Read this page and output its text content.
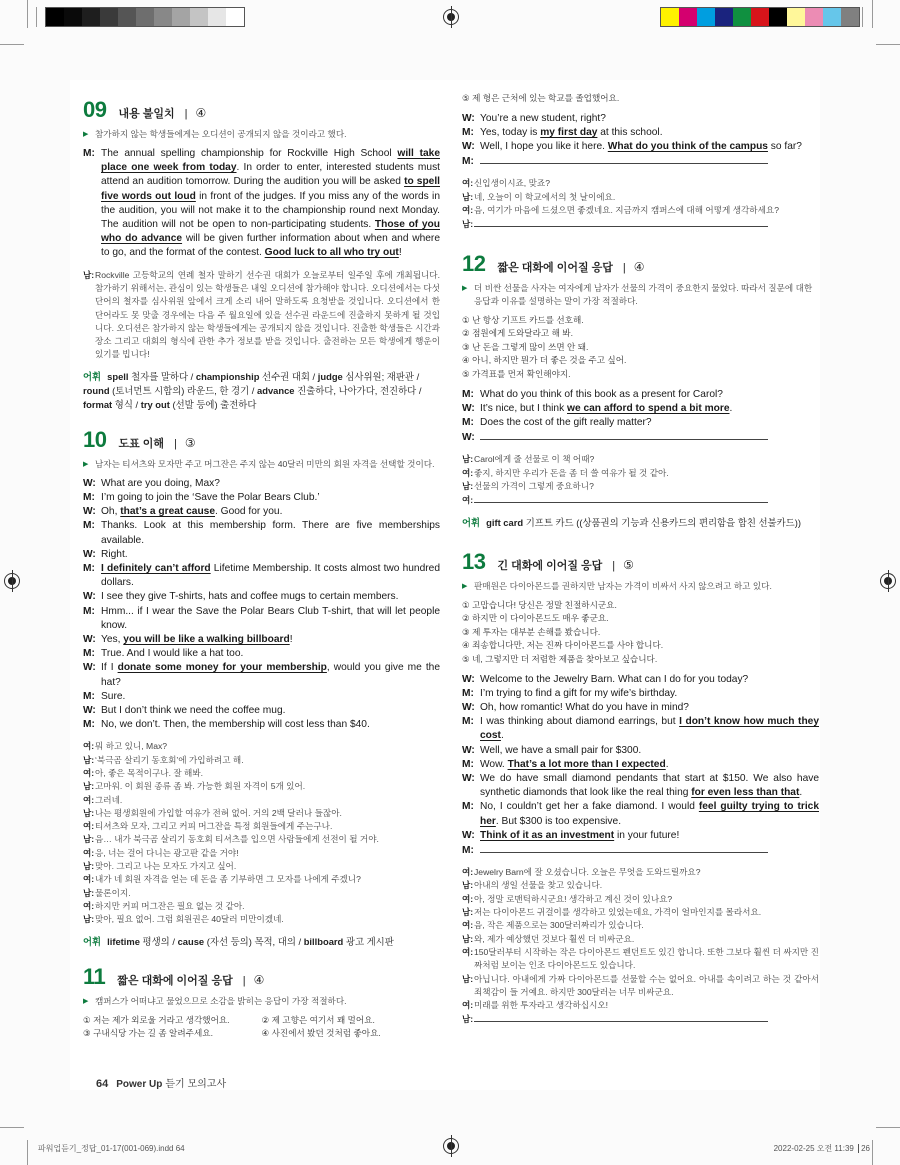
09 내용 불일치 | ④
▶ 참가하지 않는 학생들에게는 오디션이 공개되지 않을 것이라고 했다.
M: The annual spelling championship for Rockville High School will take place one week from today. In order to enter, interested students must attend an audition tomorrow. During the audition you will be asked to spell five words out loud in front of the judges. If you miss any of the words in the audition, you will not make it to the championship round next Monday. The audition will not be open to non-participating students. Those of you who do advance will be given further information about when and where to go, and the format of the contest. Good luck to all who try out!
남:Rockville 고등학교의 연례 철자 말하기 선수권 대회가 오늘로부터 일주일 후에 개최됩니다. 참가하기 위해서는, 관심이 있는 학생들은 내일 오디션에 참가해야 합니다. 오디션에서는 다섯 단어의 철자를 심사위원 앞에서 크게 소리 내어 말하도록 요청받을 것입니다. 오디션에서 한 단어라도 못 맞출 경우에는 다음 주 월요일에 있을 선수권 라운드에 진출하지 못하게 될 것입니다. 오디션은 참가하지 않는 학생들에게는 공개되지 않을 것입니다. 진출한 학생들은 시간과 장소 그리고 대회의 형식에 관한 추가 정보를 받을 것입니다. 출전하는 모든 학생에게 행운이 있기를 빕니다!
어휘 spell 철자를 말하다 / championship 선수권 대회 / judge 심사위원; 재판관 / round (토너먼트 시합의) 라운드, 한 경기 / advance 진출하다, 나아가다, 전진하다 / format 형식 / try out (선발 등에) 출전하다
10 도표 이해 | ③
▶ 남자는 티셔츠와 모자만 주고 머그잔은 주지 않는 40달러 미만의 회원 자격을 선택할 것이다.
W: What are you doing, Max?
M: I’m going to join the ‘Save the Polar Bears Club.’
W: Oh, that’s a great cause. Good for you.
M: Thanks. Look at this membership form. There are five memberships available.
W: Right.
M: I definitely can’t afford Lifetime Membership. It costs almost two hundred dollars.
W: I see they give T-shirts, hats and coffee mugs to certain members.
M: Hmm... if I wear the Save the Polar Bears Club T-shirt, that will let people know.
W: Yes, you will be like a walking billboard!
M: True. And I would like a hat too.
W: If I donate some money for your membership, would you give me the hat?
M: Sure.
W: But I don’t think we need the coffee mug.
M: No, we don’t. Then, the membership will cost less than $40.
여:뭐 하고 있니, Max?
남:‘북극곰 살리기 동호회’에 가입하려고 해.
여:아, 좋은 목적이구나. 잘 해봐.
남:고마워. 이 회원 종류 좀 봐. 가능한 회원 자격이 5개 있어.
여:그러네.
남:나는 평생회원에 가입할 여유가 전혀 없어. 거의 2백 달러나 들잖아.
여:티셔츠와 모자, 그리고 커피 머그잔을 특정 회원들에게 주는구나.
남:음… 내가 북극곰 살리기 동호회 티셔츠를 입으면 사람들에게 선전이 될 거야.
여:응, 너는 걸어 다니는 광고판 같을 거야!
남:맞아. 그리고 나는 모자도 가지고 싶어.
여:내가 네 회원 자격을 얻는 데 돈을 좀 기부하면 그 모자를 나에게 주겠니?
남:물론이지.
여:하지만 커피 머그잔은 필요 없는 것 같아.
남:맞아, 필요 없어. 그럼 회원권은 40달러 미만이겠네.
어휘 lifetime 평생의 / cause (자선 등의) 목적, 대의 / billboard 광고 게시판
11 짧은 대화에 이어질 응답 | ④
▶ 캠퍼스가 어떠냐고 물었으므로 소감을 밝히는 응답이 가장 적절하다.
① 저는 제가 외로울 거라고 생각했어요.	② 제 고향은 여기서 꽤 멀어요.
③ 구내식당 가는 길 좀 알려주세요.	④ 사진에서 봤던 것처럼 좋아요.
⑤ 제 형은 근처에 있는 학교를 졸업했어요.
W: You’re a new student, right?
M: Yes, today is my first day at this school.
W: Well, I hope you like it here. What do you think of the campus so far?
M:
여:신입생이시죠, 맞죠?
남:네, 오늘이 이 학교에서의 첫 날이에요.
여:음, 여기가 마음에 드셨으면 좋겠네요. 지금까지 캠퍼스에 대해 어떻게 생각하세요?
남:
12 짧은 대화에 이어질 응답 | ④
▶ 더 비싼 선물을 사자는 여자에게 남자가 선물의 가격이 중요한지 물었다. 따라서 질문에 대한 응답과 이유를 설명하는 말이 가장 적절하다.
① 난 항상 기프트 카드를 선호해.
② 점원에게 도와달라고 해 봐.
③ 난 돈을 그렇게 많이 쓰면 안 돼.
④ 아니, 하지만 뭔가 더 좋은 것을 주고 싶어.
⑤ 가격표를 먼저 확인해야지.
M: What do you think of this book as a present for Carol?
W: It’s nice, but I think we can afford to spend a bit more.
M: Does the cost of the gift really matter?
W:
남:Carol에게 줄 선물로 이 책 어때?
여:좋지, 하지만 우리가 돈을 좀 더 쓸 여유가 될 것 같아.
남:선물의 가격이 그렇게 중요하니?
여:
어휘 gift card 기프트 카드 ((상품권의 기능과 신용카드의 편리함을 합친 선불카드))
13 긴 대화에 이어질 응답 | ⑤
▶ 판매원은 다이아몬드를 권하지만 남자는 가격이 비싸서 사지 않으려고 하고 있다.
① 고맙습니다! 당신은 정말 친절하시군요.
② 하지만 이 다이아몬드도 매우 좋군요.
③ 제 투자는 대부분 손해를 봤습니다.
④ 죄송합니다만, 저는 진짜 다이아몬드를 사야 합니다.
⑤ 네, 그렇지만 더 저렴한 제품을 찾아보고 싶습니다.
W: Welcome to the Jewelry Barn. What can I do for you today?
M: I’m trying to find a gift for my wife’s birthday.
W: Oh, how romantic! What do you have in mind?
M: I was thinking about diamond earrings, but I don’t know how much they cost.
W: Well, we have a small pair for $300.
M: Wow. That’s a lot more than I expected.
W: We do have small diamond pendants that start at $150. We also have synthetic diamonds that look like the real thing for even less than that.
M: No, I couldn’t get her a fake diamond. I would feel guilty trying to trick her. But $300 is too expensive.
W: Think of it as an investment in your future!
M:
여:Jewelry Barn에 잘 오셨습니다. 오늘은 무엇을 도와드릴까요?
남:아내의 생일 선물을 찾고 있습니다.
여:아, 정말 로맨틱하시군요! 생각하고 계신 것이 있나요?
남:저는 다이아몬드 귀걸이를 생각하고 있었는데요, 가격이 얼마인지를 몰라서요.
여:음, 작은 제품으로는 300달러짜리가 있습니다.
남:와, 제가 예상했던 것보다 훨씬 더 비싸군요.
여:150달러부터 시작하는 작은 다이아몬드 펜던트도 있긴 합니다. 또한 그보다 훨씬 더 싸지만 진짜처럼 보이는 인조 다이아몬드도 있습니다.
남:아닙니다. 아내에게 가짜 다이아몬드를 선물할 수는 없어요. 아내를 속이려고 하는 것 같아서 죄책감이 들 거예요. 하지만 300달러는 너무 비싸군요.
여:미래를 위한 투자라고 생각하십시오!
남:
64 Power Up 듣기 모의고사
파워업듣기_정답_01-17(001-069).indd 64	2022-02-25 오전 11:39 26
